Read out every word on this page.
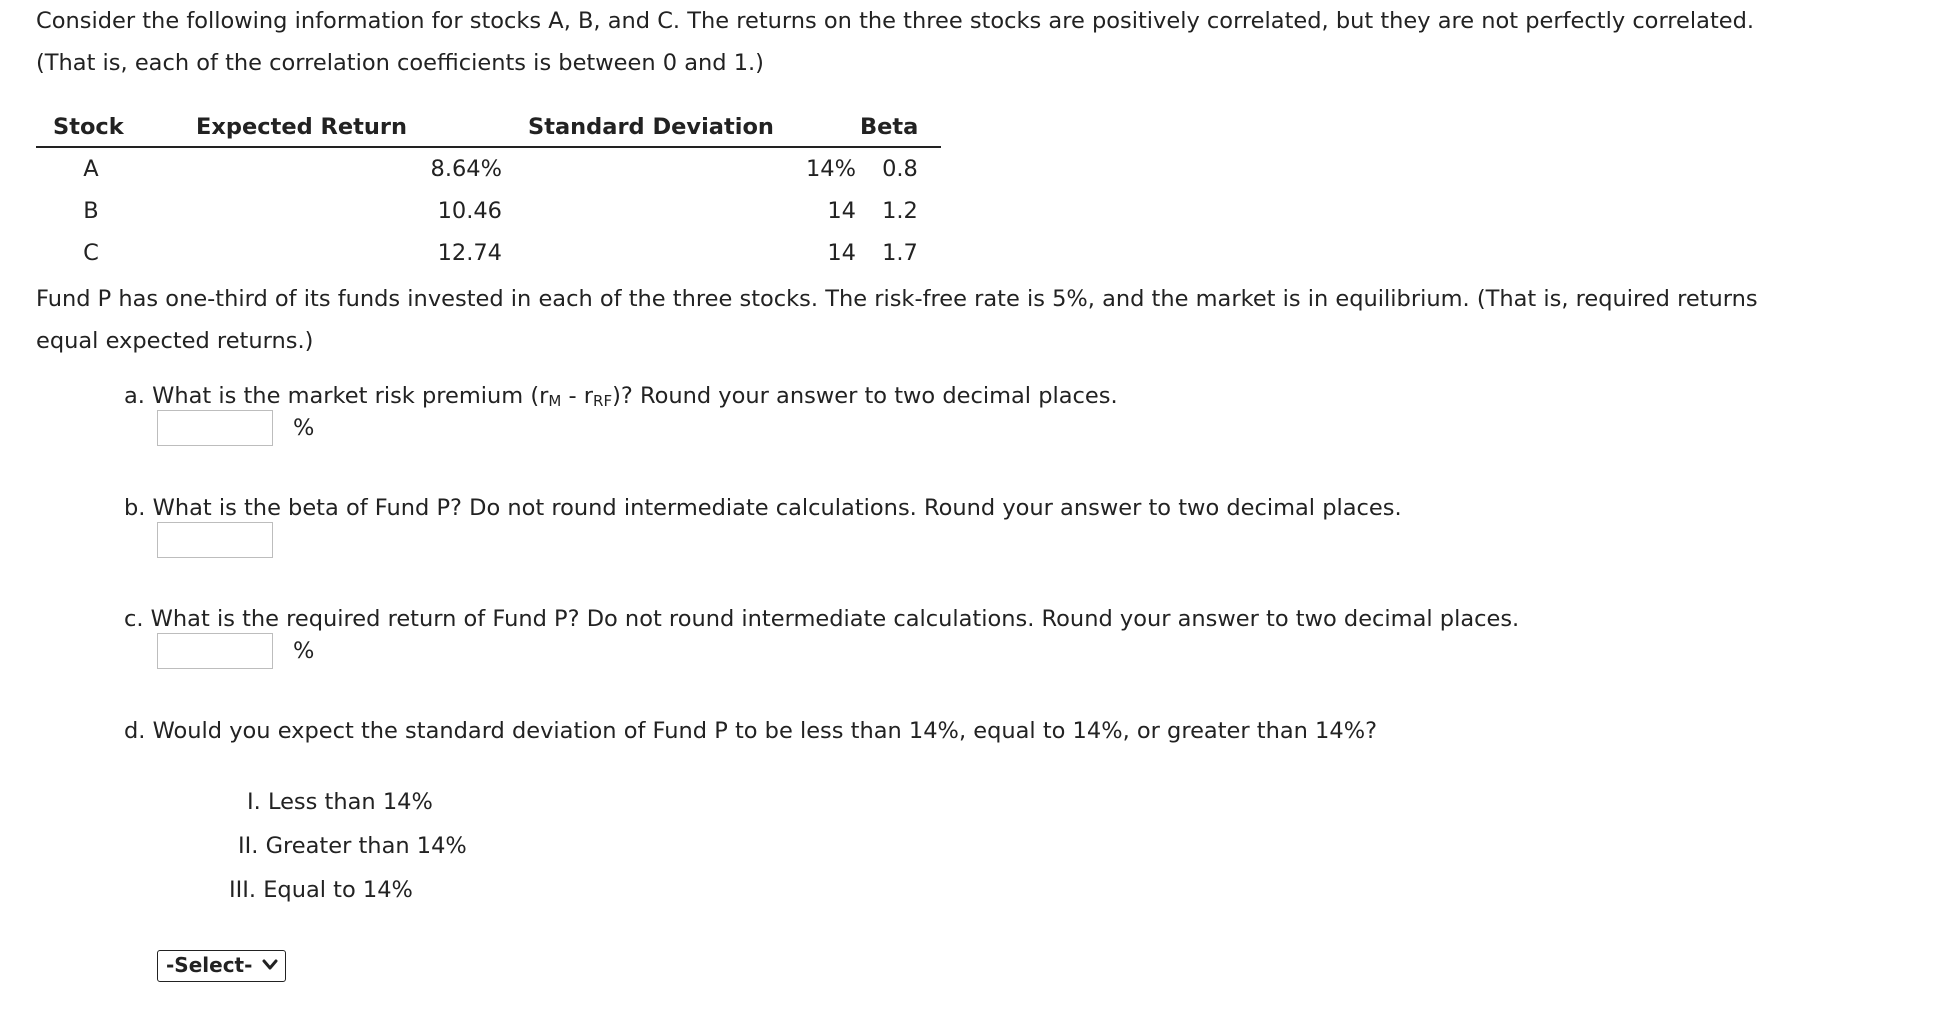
Consider the following information for stocks A, B, and C. The returns on the three stocks are positively correlated, but they are not perfectly correlated.
(That is, each of the correlation coefficients is between 0 and 1.)
Stock	Expected Return	Standard Deviation	Beta
A	8.64%	14%	0.8
B	10.46	14	1.2
C	12.74	14	1.7
Fund P has one-third of its funds invested in each of the three stocks. The risk-free rate is 5%, and the market is in equilibrium. (That is, required returns
equal expected returns.)

a. What is the market risk premium $(r_M - r_{RF})$? Round your answer to two decimal places.

%

b. What is the beta of Fund P? Do not round intermediate calculations. Round your answer to two decimal places.

c. What is the required return of Fund P? Do not round intermediate calculations. Round your answer to two decimal places.

%

d. Would you expect the standard deviation of Fund P to be less than 14%, equal to 14%, or greater than 14%?

I. Less than 14%
II. Greater than 14%
III. Equal to 14%
-Select-
